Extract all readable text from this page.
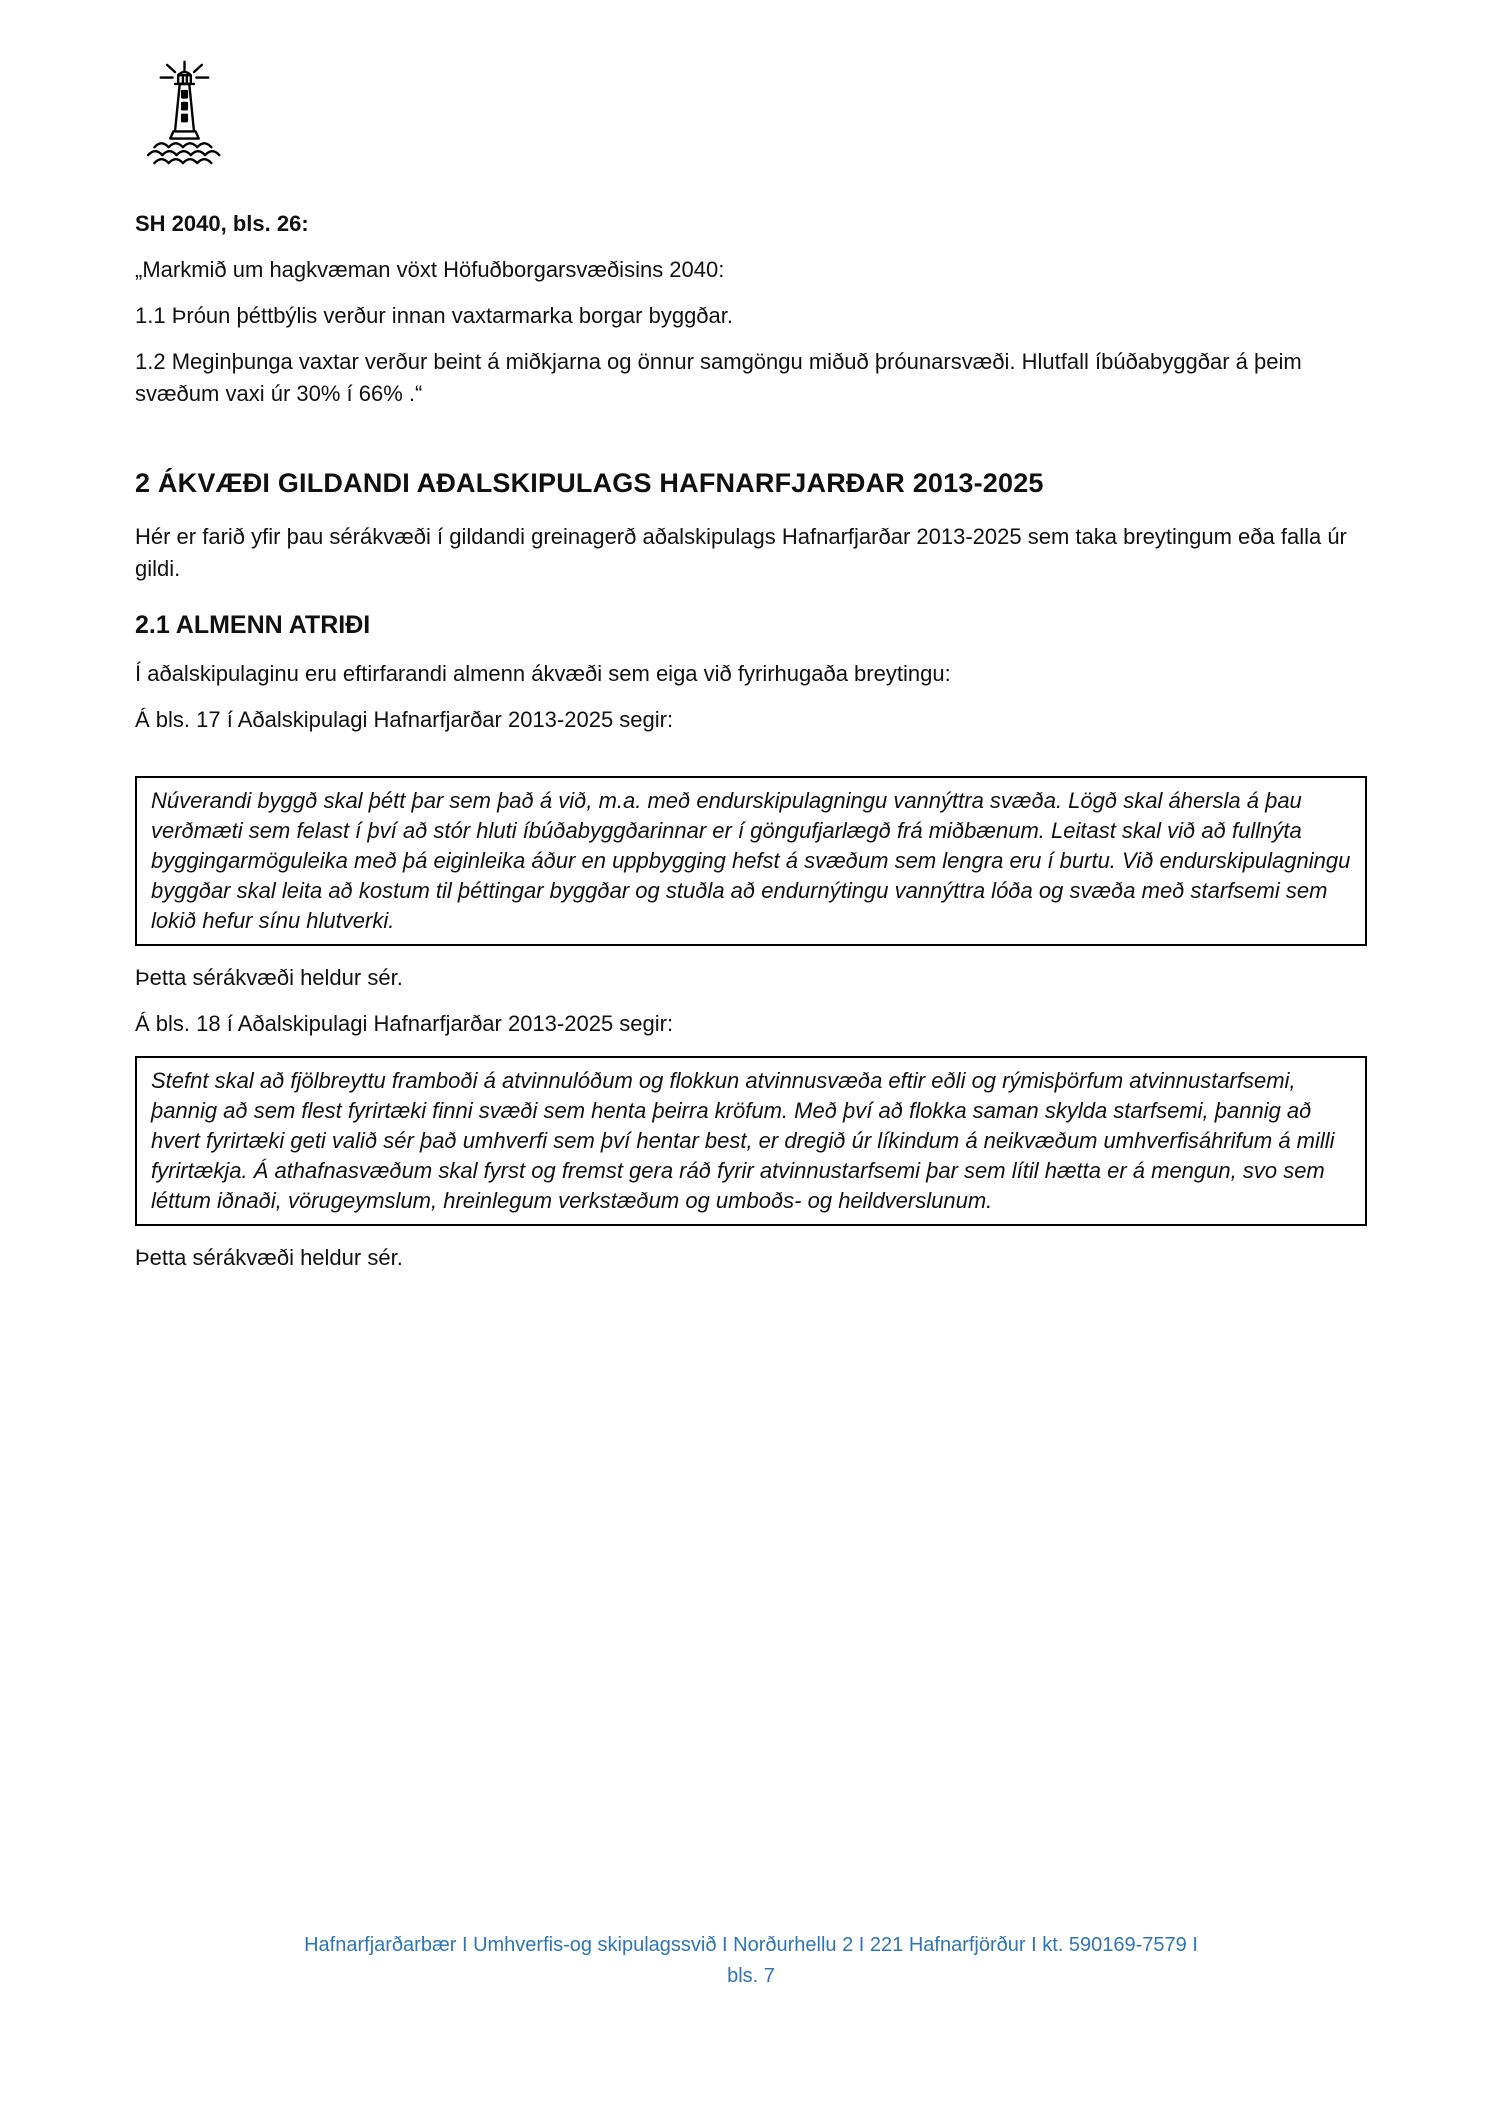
SH 2040, bls. 26:

„Markmið um hagkvæman vöxt Höfuðborgarsvæðisins 2040:

1.1 Þróun þéttbýlis verður innan vaxtarmarka borgar byggðar.

1.2 Meginþunga vaxtar verður beint á miðkjarna og önnur samgöngu miðuð þróunarsvæði. Hlutfall íbúðabyggðar á þeim svæðum vaxi úr 30% í 66% .“

2 ÁKVÆÐI GILDANDI AÐALSKIPULAGS HAFNARFJARÐAR 2013-2025

Hér er farið yfir þau sérákvæði í gildandi greinagerð aðalskipulags Hafnarfjarðar 2013-2025 sem taka breytingum eða falla úr gildi.

2.1 ALMENN ATRIÐI

Í aðalskipulaginu eru eftirfarandi almenn ákvæði sem eiga við fyrirhugaða breytingu:

Á bls. 17 í Aðalskipulagi Hafnarfjarðar 2013-2025 segir:

Núverandi byggð skal þétt þar sem það á við, m.a. með endurskipulagningu vannýttra svæða. Lögð skal áhersla á þau verðmæti sem felast í því að stór hluti íbúðabyggðarinnar er í göngufjarlægð frá miðbænum. Leitast skal við að fullnýta byggingarmöguleika með þá eiginleika áður en uppbygging hefst á svæðum sem lengra eru í burtu. Við endurskipulagningu byggðar skal leita að kostum til þéttingar byggðar og stuðla að endurnýtingu vannýttra lóða og svæða með starfsemi sem lokið hefur sínu hlutverki.

Þetta sérákvæði heldur sér.

Á bls. 18 í Aðalskipulagi Hafnarfjarðar 2013-2025 segir:

Stefnt skal að fjölbreyttu framboði á atvinnulóðum og flokkun atvinnusvæða eftir eðli og rýmisþörfum atvinnustarfsemi, þannig að sem flest fyrirtæki finni svæði sem henta þeirra kröfum. Með því að flokka saman skylda starfsemi, þannig að hvert fyrirtæki geti valið sér það umhverfi sem því hentar best, er dregið úr líkindum á neikvæðum umhverfisáhrifum á milli fyrirtækja. Á athafnasvæðum skal fyrst og fremst gera ráð fyrir atvinnustarfsemi þar sem lítil hætta er á mengun, svo sem léttum iðnaði, vörugeymslum, hreinlegum verkstæðum og umboðs- og heildverslunum.

Þetta sérákvæði heldur sér.

Hafnarfjarðarbær I Umhverfis-og skipulagssvið I Norðurhellu 2 I 221 Hafnarfjörður I kt. 590169-7579 I
bls. 7
